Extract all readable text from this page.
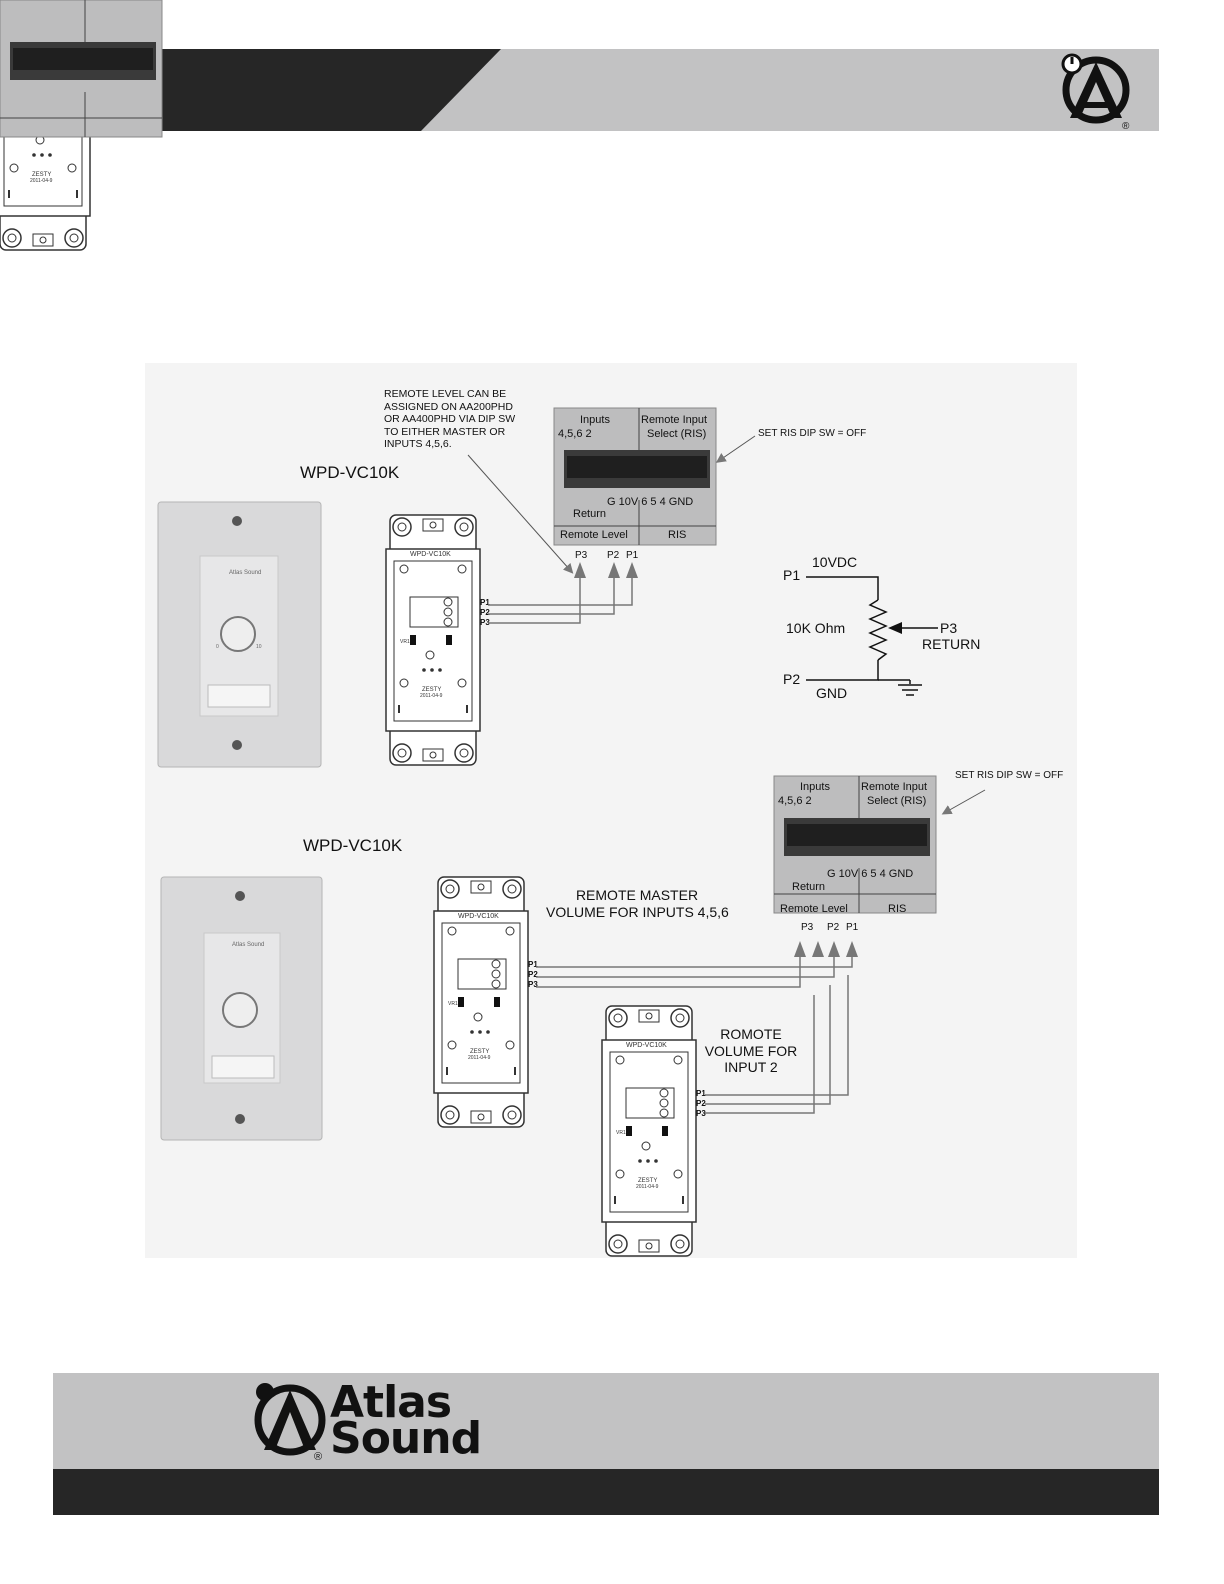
®
REMOTE LEVEL CAN BE
ASSIGNED ON AA200PHD
OR AA400PHD VIA DIP SW
TO EITHER MASTER OR
INPUTS 4,5,6.
WPD-VC10K
SET RIS DIP SW = OFF
SET RIS DIP SW = OFF
WPD-VC10K
REMOTE MASTER
VOLUME FOR INPUTS 4,5,6
ROMOTE
VOLUME FOR
INPUT 2
Atlas Sound
0	10
Atlas Sound
ZESTY
2011-04-9
Inputs
4,5,6 2
Remote Input
Select (RIS)
Return
G 10V 6 5 4 GND
Remote Level	RIS
P3 P2 P1
Inputs
4,5,6 2
Remote Input
Select (RIS)
Return
G 10V 6 5 4 GND
Remote Level	RIS
P3 P2 P1
P1
10VDC
10K Ohm	P3
RETURN
P2
GND
®
Atlas
Sound
